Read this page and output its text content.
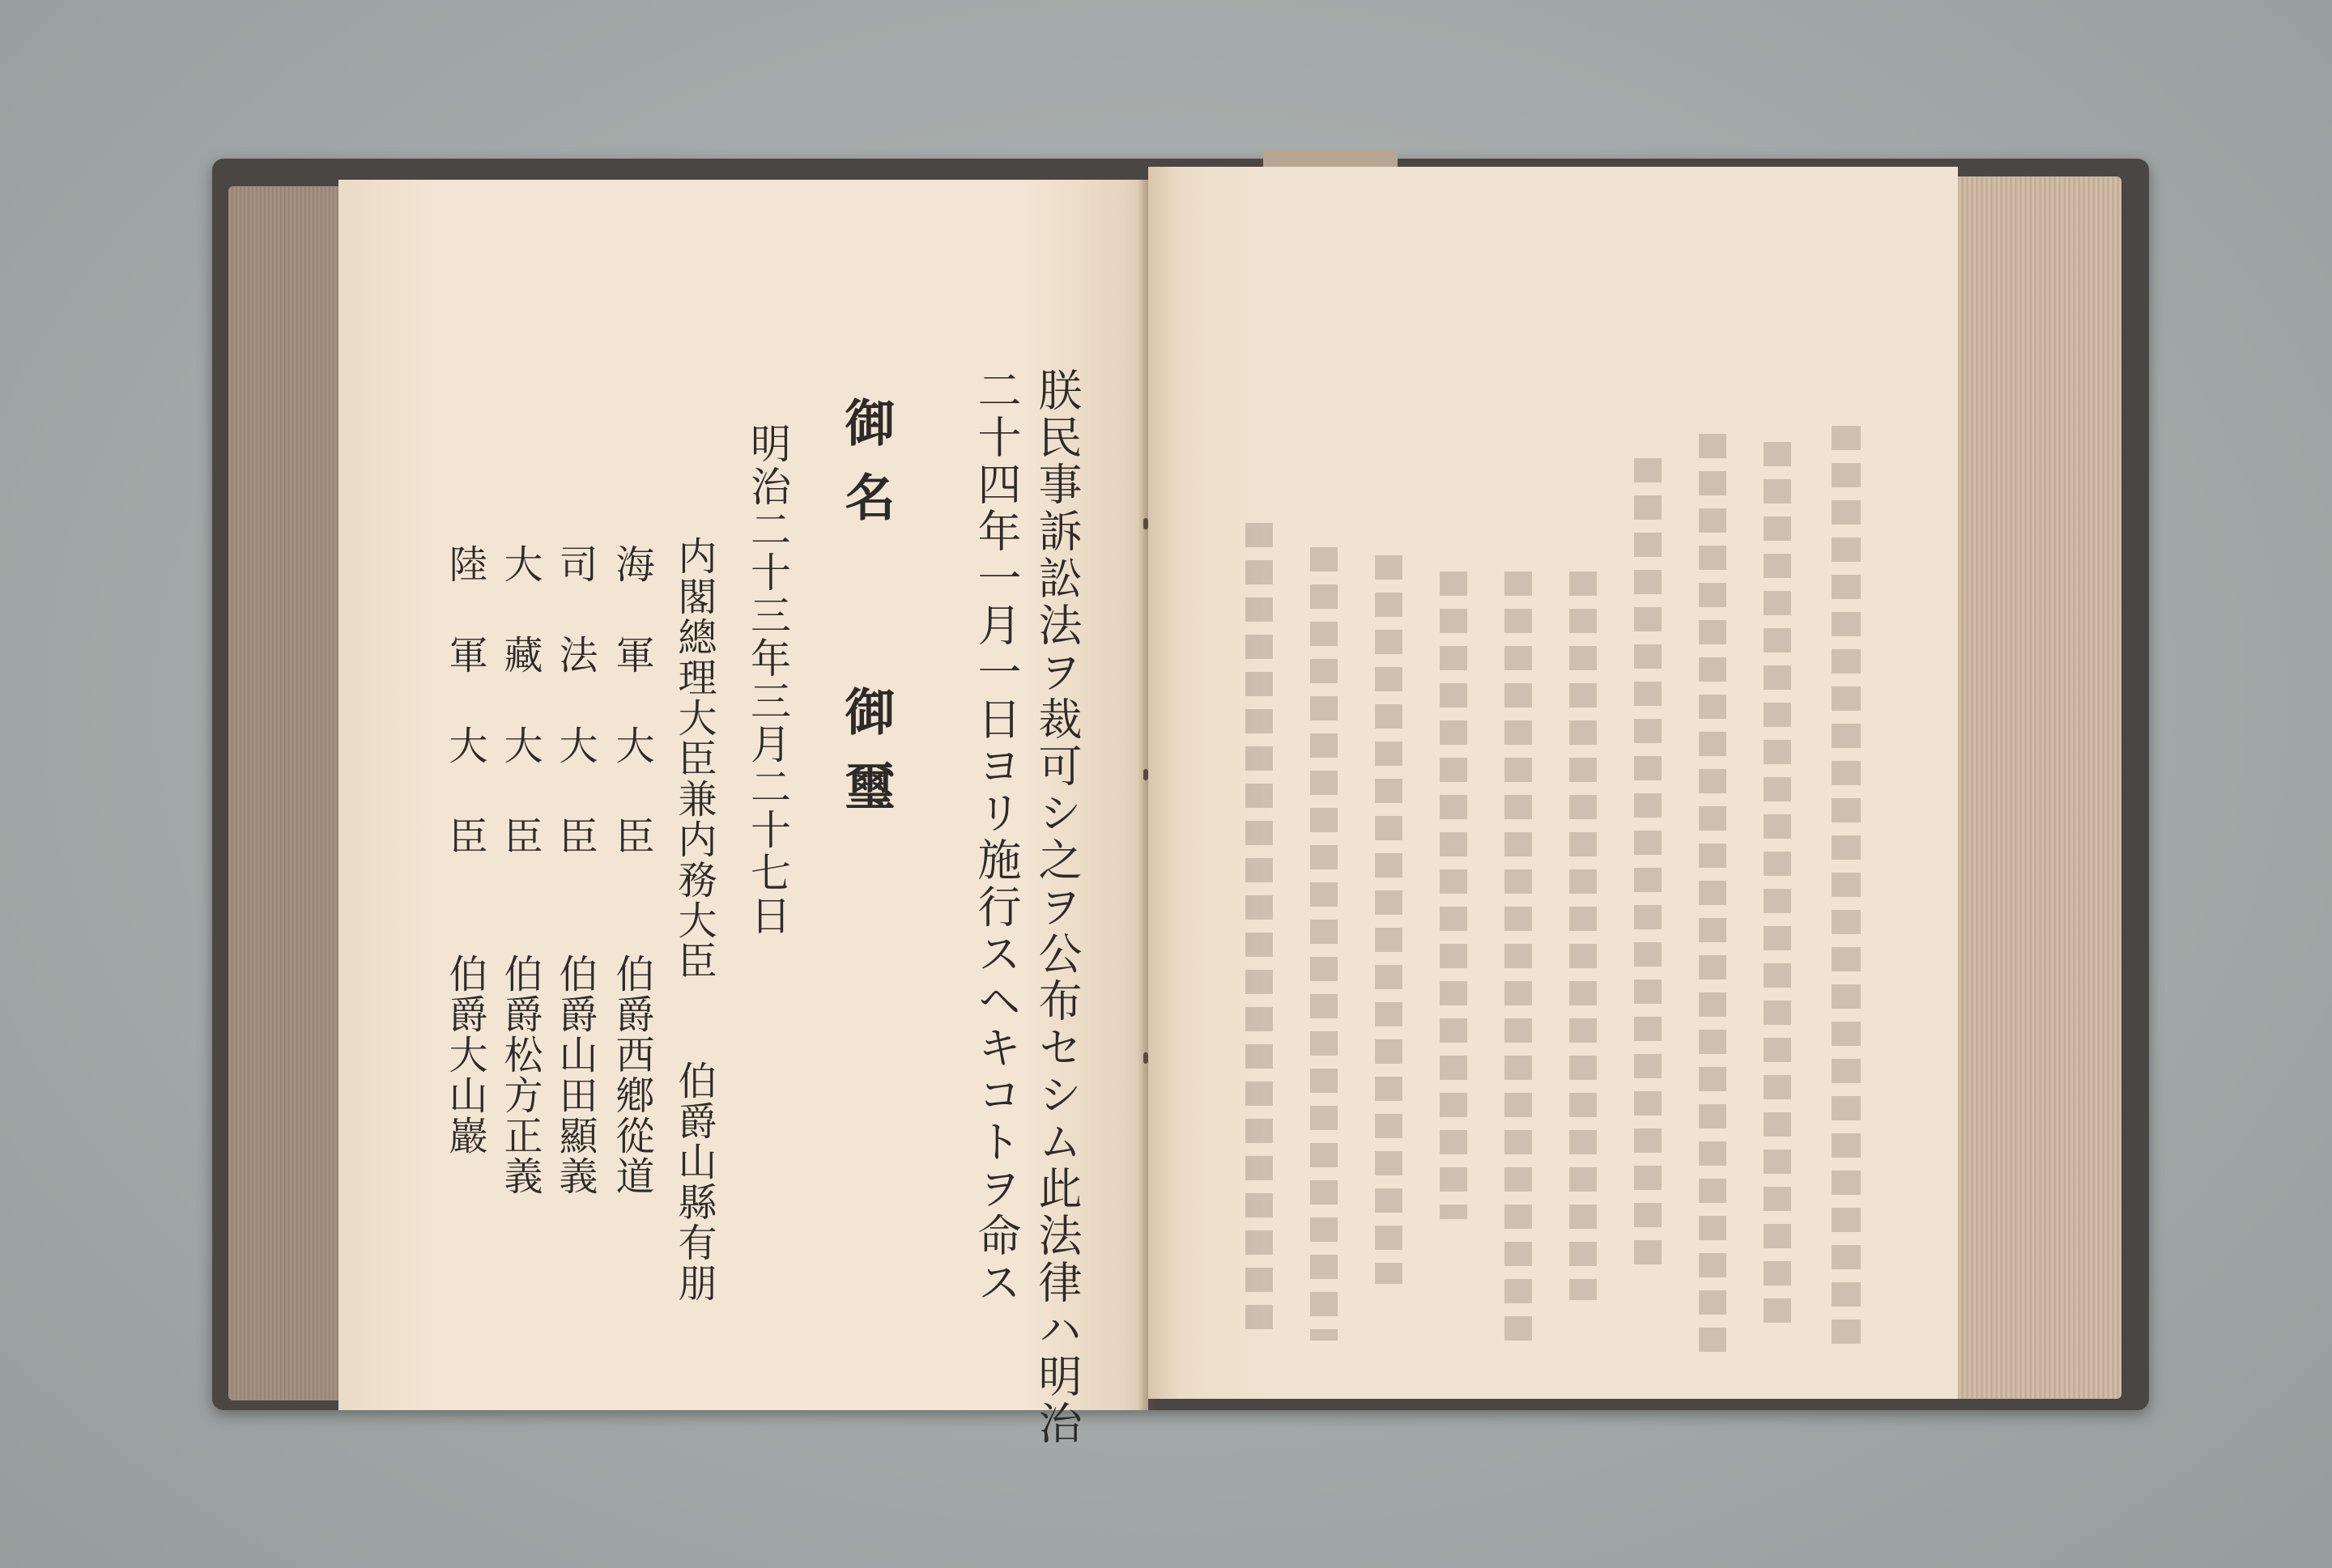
朕民事訴訟法ヲ裁可シ之ヲ公布セシム此法律ハ明治

二十四年一月一日ヨリ施行スヘキコトヲ命ス

御名 御璽

明治二十三年三月二十七日

内閣總理大臣兼内務大臣 伯爵山縣有朋
海軍大臣 伯爵西鄕從道
司法大臣 伯爵山田顯義
大藏大臣 伯爵松方正義
陸軍大臣 伯爵大山巖
